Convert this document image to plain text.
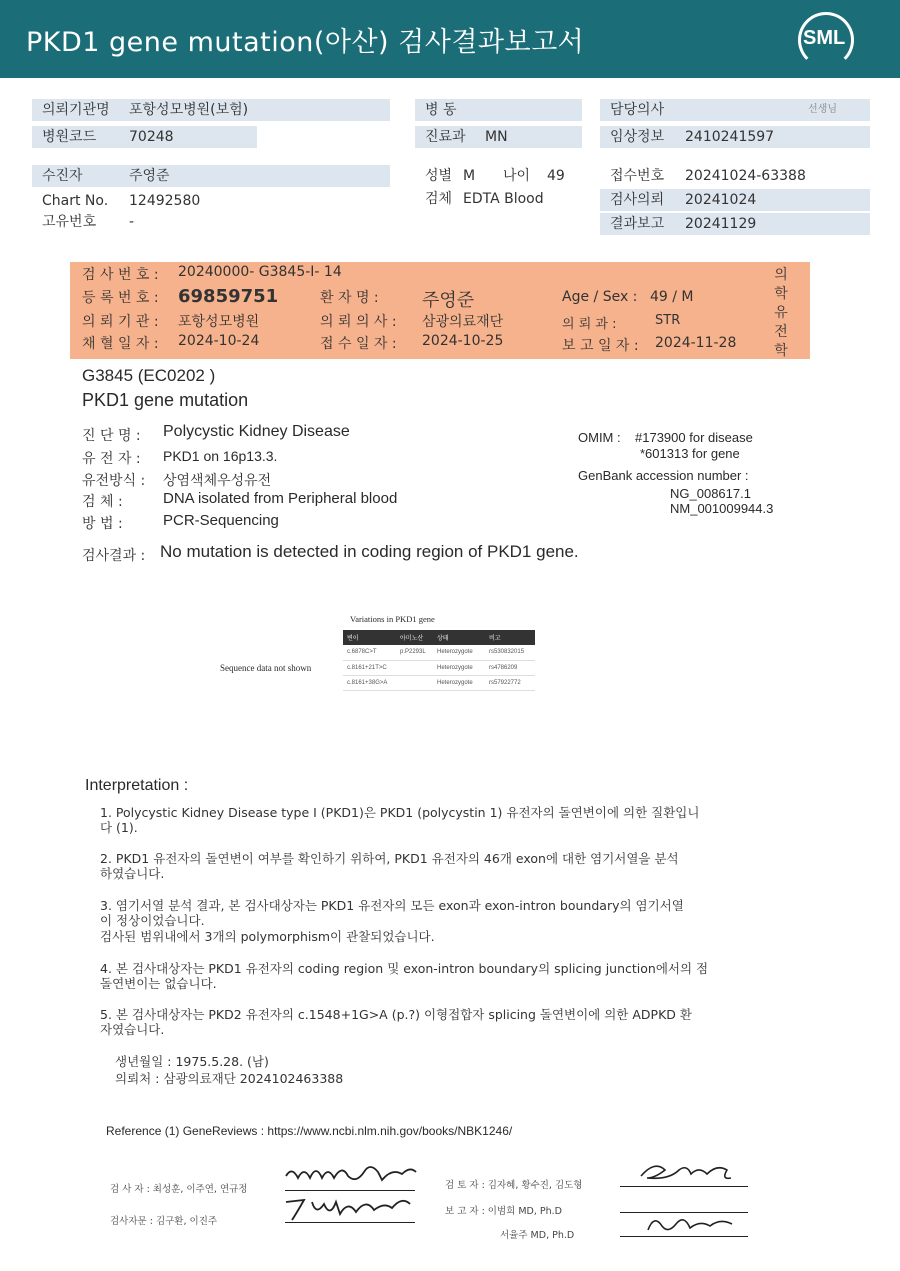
PKD1 gene mutation(아산) 검사결과보고서	SML
의뢰기관명 포항성모병원(보험)
병원코드 70248
수진자	주영준
Chart No. 12492580
고유번호 -
병 동
진료과 MN
성별 M 나이 49
검체 EDTA Blood
담당의사	선생님
임상정보 2410241597
접수번호 20241024-63388
검사의뢰 20241024
결과보고 20241129
검 사 번 호 : 20240000- G3845-I- 14
등 록 번 호 : 69859751	환 자 명 : 주영준	Age / Sex : 49 / M
의 뢰 기 관 : 포항성모병원	의 뢰 의 사 : 삼광의료재단	의 뢰 과 :	STR
채 혈 일 자 : 2024-10-24	접 수 일 자 : 2024-10-25	보 고 일 자 : 2024-11-28
의
학
유
전
학
G3845 (EC0202 )
PKD1 gene mutation
진 단 명 : Polycystic Kidney Disease
유 전 자 : PKD1 on 16p13.3.
유전방식 : 상염색체우성유전
검 체 :	DNA isolated from Peripheral blood
방 법 :	PCR-Sequencing
OMIM : #173900 for disease
*601313 for gene
GenBank accession number :
NG_008617.1
NM_001009944.3
검사결과 : No mutation is detected in coding region of PKD1 gene.
Variations in PKD1 gene
Sequence data not shown
변이	아미노산	상태	비고
c.6878C>T	p.P2293L	Heterozygote	rs530832015
c.8161+21T>C		Heterozygote	rs4786209
c.8161+38G>A		Heterozygote	rs57922772
Interpretation :
1. Polycystic Kidney Disease type I (PKD1)은 PKD1 (polycystin 1) 유전자의 돌연변이에 의한 질환입니
다 (1).
2. PKD1 유전자의 돌연변이 여부를 확인하기 위하여, PKD1 유전자의 46개 exon에 대한 염기서열을 분석
하였습니다.
3. 염기서열 분석 결과, 본 검사대상자는 PKD1 유전자의 모든 exon과 exon-intron boundary의 염기서열
이 정상이었습니다.
검사된 범위내에서 3개의 polymorphism이 관찰되었습니다.
4. 본 검사대상자는 PKD1 유전자의 coding region 및 exon-intron boundary의 splicing junction에서의 점
돌연변이는 없습니다.
5. 본 검사대상자는 PKD2 유전자의 c.1548+1G>A (p.?) 이형접합자 splicing 돌연변이에 의한 ADPKD 환
자였습니다.
생년월일 : 1975.5.28. (남)
의뢰처 : 삼광의료재단 2024102463388
Reference (1) GeneReviews : https://www.ncbi.nlm.nih.gov/books/NBK1246/
검 사 자 : 최성훈, 이주연, 연규정
검사자문 : 김구환, 이진주
검 토 자 : 김자혜, 황수진, 김도형
보 고 자 : 이범희 MD, Ph.D
서율주 MD, Ph.D
